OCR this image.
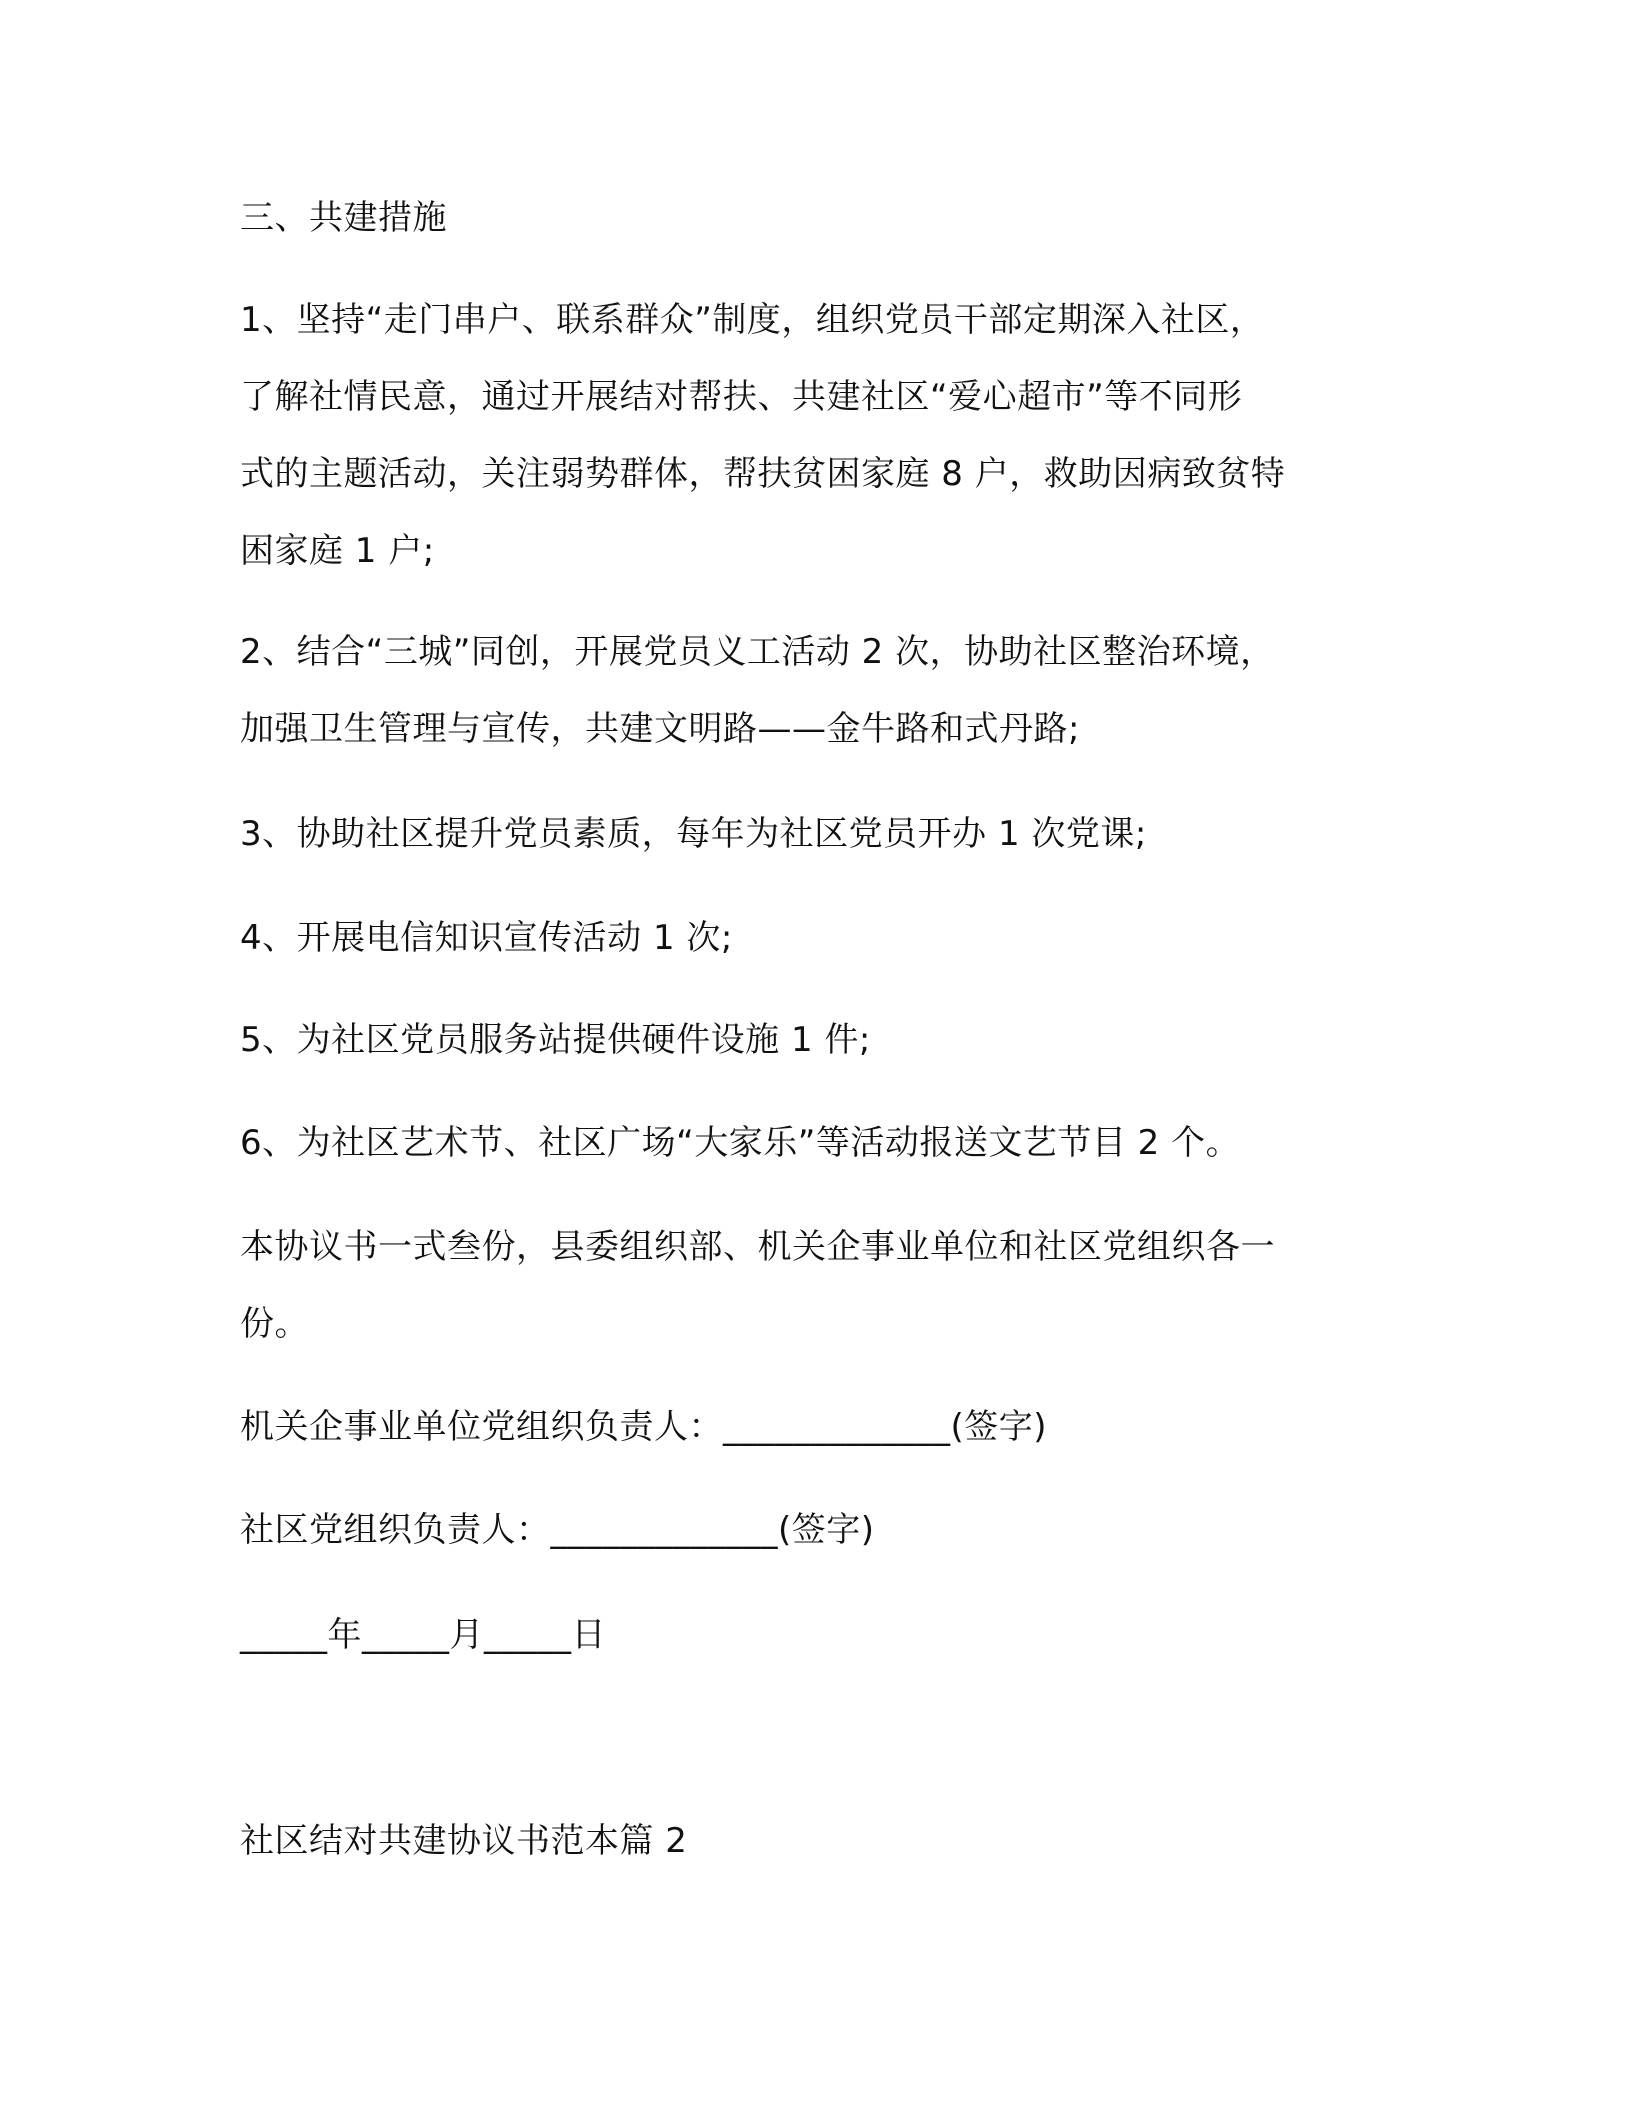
三、共建措施
1、坚持“走门串户、联系群众”制度，组织党员干部定期深入社区，
了解社情民意，通过开展结对帮扶、共建社区“爱心超市”等不同形
式的主题活动，关注弱势群体，帮扶贫困家庭 8 户，救助因病致贫特
困家庭 1 户;
2、结合“三城”同创，开展党员义工活动 2 次，协助社区整治环境，
加强卫生管理与宣传，共建文明路——金牛路和式丹路;
3、协助社区提升党员素质，每年为社区党员开办 1 次党课;
4、开展电信知识宣传活动 1 次;
5、为社区党员服务站提供硬件设施 1 件;
6、为社区艺术节、社区广场“大家乐”等活动报送文艺节目 2 个。
本协议书一式叁份，县委组织部、机关企事业单位和社区党组织各一
份。
机关企事业单位党组织负责人：_____________(签字)
社区党组织负责人：_____________(签字)
_____年_____月_____日
社区结对共建协议书范本篇 2
